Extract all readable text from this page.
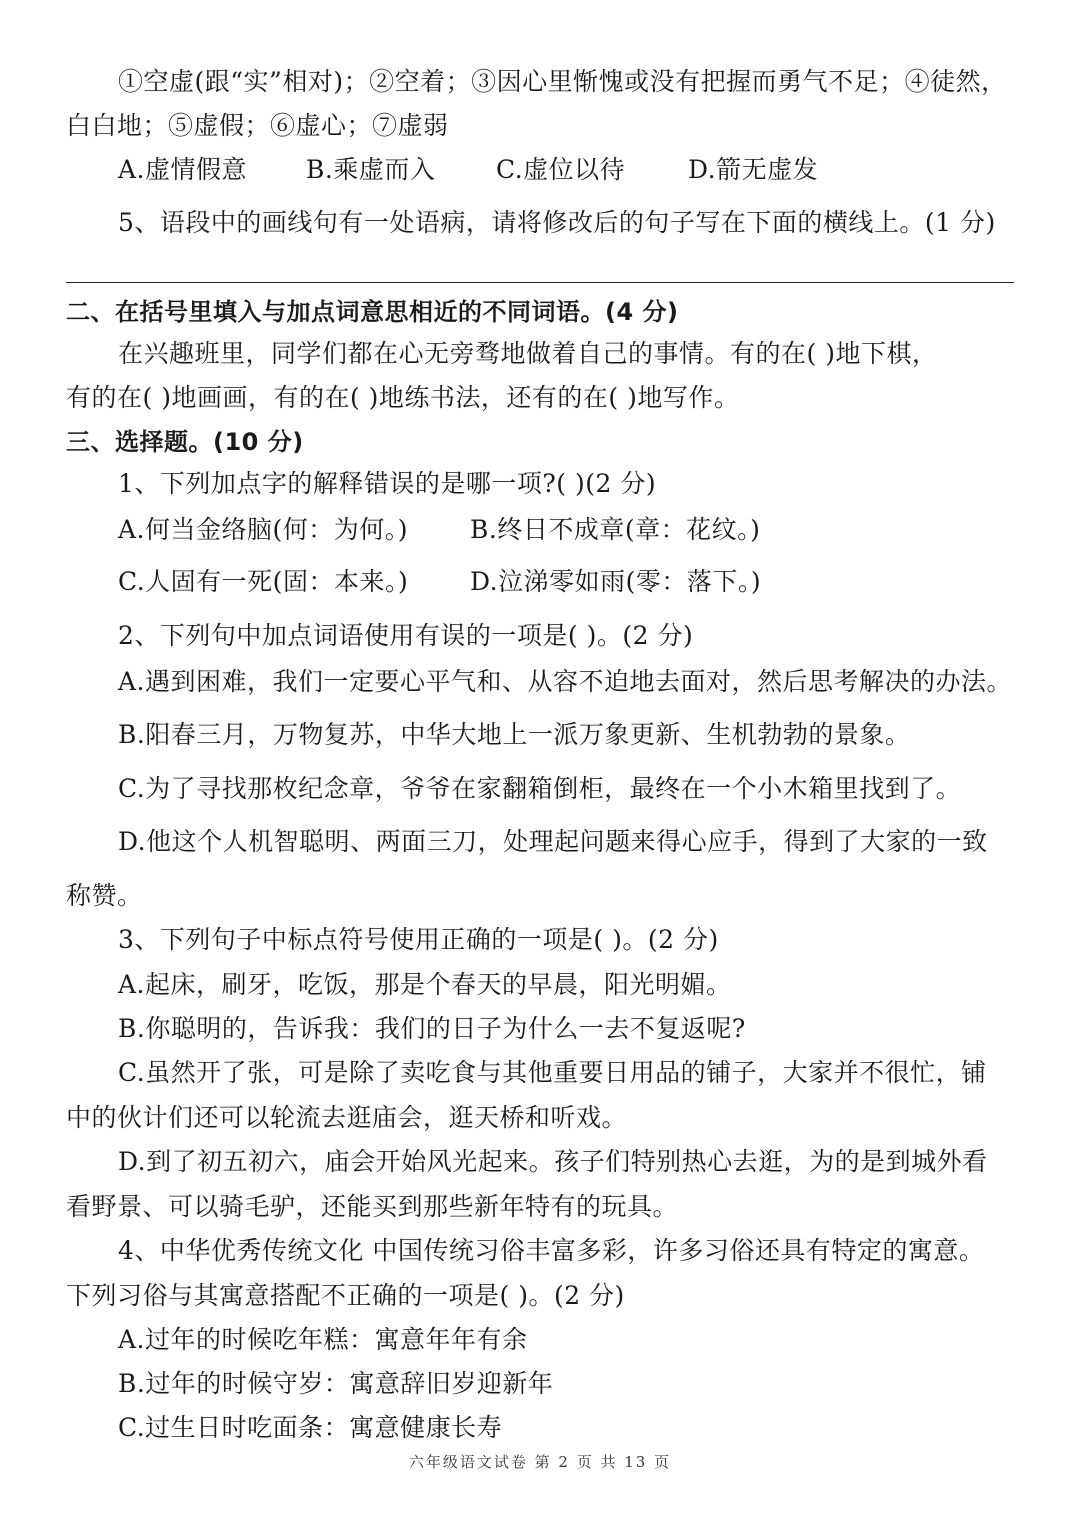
①空虚(跟“实”相对)；②空着；③因心里惭愧或没有把握而勇气不足；④徒然，
白白地；⑤虚假；⑥虚心；⑦虚弱
A.虚情假意 B.乘虚而入 C.虚位以待	D.箭无虚发
5、语段中的画线句有一处语病，请将修改后的句子写在下面的横线上。(1 分)
二、在括号里填入与加点词意思相近的不同词语。(4 分)
在兴趣班里，同学们都在心无旁骛地做着自己的事情。有的在( )地下棋，
有的在( )地画画，有的在( )地练书法，还有的在( )地写作。
三、选择题。(10 分)
1、下列加点字的解释错误的是哪一项?( )(2 分)
A.何当金络脑(何：为何。) B.终日不成章(章：花纹。)
C.人固有一死(固：本来。) D.泣涕零如雨(零：落下。)
2、下列句中加点词语使用有误的一项是( )。(2 分)
A.遇到困难，我们一定要心平气和、从容不迫地去面对，然后思考解决的办法。
B.阳春三月，万物复苏，中华大地上一派万象更新、生机勃勃的景象。
C.为了寻找那枚纪念章，爷爷在家翻箱倒柜，最终在一个小木箱里找到了。
D.他这个人机智聪明、两面三刀，处理起问题来得心应手，得到了大家的一致
称赞。
3、下列句子中标点符号使用正确的一项是( )。(2 分)
A.起床，刷牙，吃饭，那是个春天的早晨，阳光明媚。
B.你聪明的，告诉我：我们的日子为什么一去不复返呢?
C.虽然开了张，可是除了卖吃食与其他重要日用品的铺子，大家并不很忙，铺
中的伙计们还可以轮流去逛庙会，逛天桥和听戏。
D.到了初五初六，庙会开始风光起来。孩子们特别热心去逛，为的是到城外看
看野景、可以骑毛驴，还能买到那些新年特有的玩具。
4、中华优秀传统文化 中国传统习俗丰富多彩，许多习俗还具有特定的寓意。
下列习俗与其寓意搭配不正确的一项是( )。(2 分)
A.过年的时候吃年糕：寓意年年有余
B.过年的时候守岁：寓意辞旧岁迎新年
C.过生日时吃面条：寓意健康长寿
六年级语文试卷 第 2 页 共 13 页
